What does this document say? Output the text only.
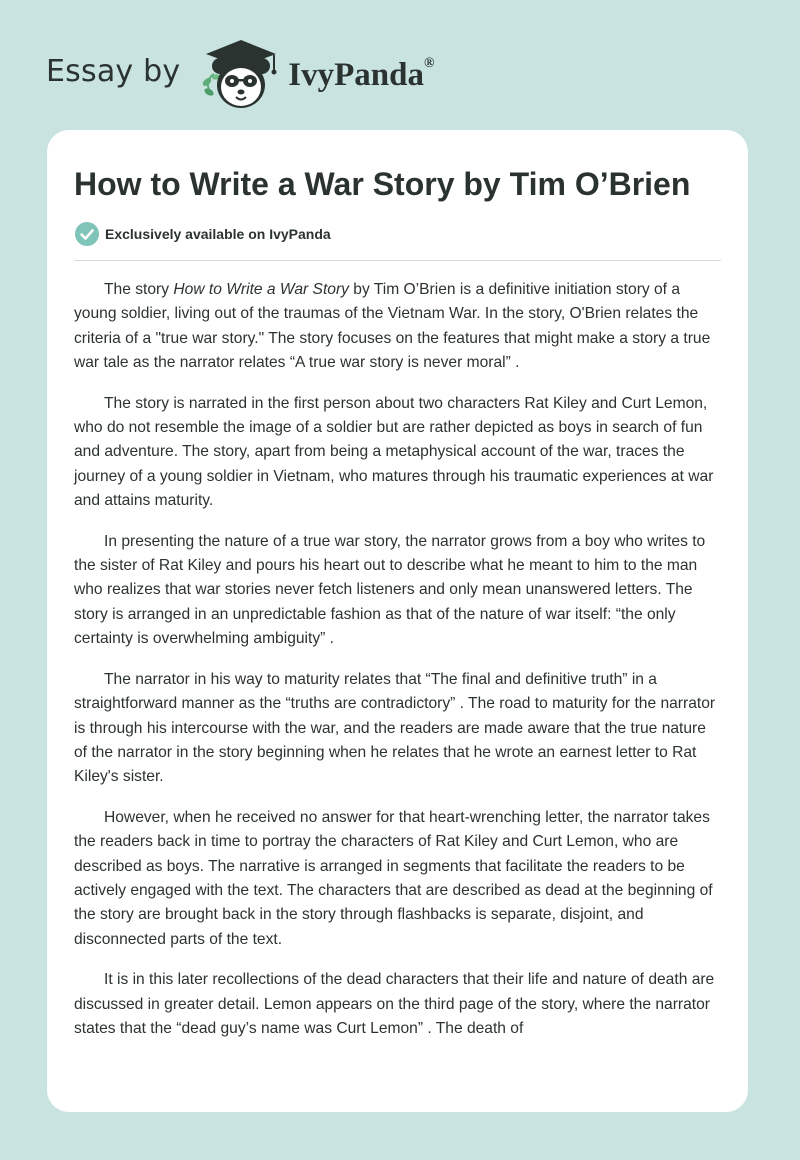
Essay by	IvyPanda®
How to Write a War Story by Tim O’Brien
Exclusively available on IvyPanda

The story How to Write a War Story by Tim O’Brien is a definitive initiation story of a young soldier, living out of the traumas of the Vietnam War. In the story, O'Brien relates the criteria of a "true war story." The story focuses on the features that might make a story a true war tale as the narrator relates “A true war story is never moral” .

The story is narrated in the first person about two characters Rat Kiley and Curt Lemon, who do not resemble the image of a soldier but are rather depicted as boys in search of fun and adventure. The story, apart from being a metaphysical account of the war, traces the journey of a young soldier in Vietnam, who matures through his traumatic experiences at war and attains maturity.

In presenting the nature of a true war story, the narrator grows from a boy who writes to the sister of Rat Kiley and pours his heart out to describe what he meant to him to the man who realizes that war stories never fetch listeners and only mean unanswered letters. The story is arranged in an unpredictable fashion as that of the nature of war itself: “the only certainty is overwhelming ambiguity” .

The narrator in his way to maturity relates that “The final and definitive truth” in a straightforward manner as the “truths are contradictory” . The road to maturity for the narrator is through his intercourse with the war, and the readers are made aware that the true nature of the narrator in the story beginning when he relates that he wrote an earnest letter to Rat Kiley's sister.

However, when he received no answer for that heart-wrenching letter, the narrator takes the readers back in time to portray the characters of Rat Kiley and Curt Lemon, who are described as boys. The narrative is arranged in segments that facilitate the readers to be actively engaged with the text. The characters that are described as dead at the beginning of the story are brought back in the story through flashbacks is separate, disjoint, and disconnected parts of the text.

It is in this later recollections of the dead characters that their life and nature of death are discussed in greater detail. Lemon appears on the third page of the story, where the narrator states that the “dead guy’s name was Curt Lemon” . The death of
